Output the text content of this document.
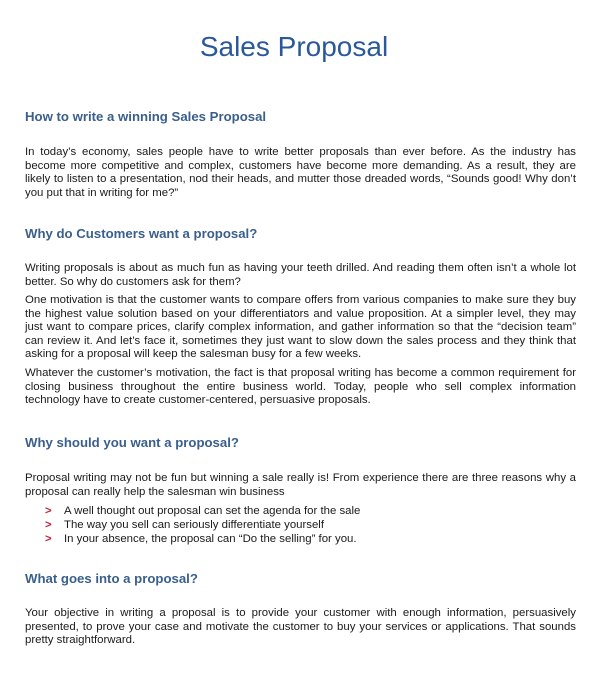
Sales Proposal
How to write a winning Sales Proposal

In today’s economy, sales people have to write better proposals than ever before. As the industry has become more competitive and complex, customers have become more demanding. As a result, they are likely to listen to a presentation, nod their heads, and mutter those dreaded words, “Sounds good! Why don’t you put that in writing for me?”

Why do Customers want a proposal?

Writing proposals is about as much fun as having your teeth drilled. And reading them often isn’t a whole lot better. So why do customers ask for them?

One motivation is that the customer wants to compare offers from various companies to make sure they buy the highest value solution based on your differentiators and value proposition. At a simpler level, they may just want to compare prices, clarify complex information, and gather information so that the “decision team” can review it. And let’s face it, sometimes they just want to slow down the sales process and they think that asking for a proposal will keep the salesman busy for a few weeks.

Whatever the customer’s motivation, the fact is that proposal writing has become a common requirement for closing business throughout the entire business world. Today, people who sell complex information technology have to create customer-centered, persuasive proposals.

Why should you want a proposal?

Proposal writing may not be fun but winning a sale really is! From experience there are three reasons why a proposal can really help the salesman win business

> A well thought out proposal can set the agenda for the sale
> The way you sell can seriously differentiate yourself
> In your absence, the proposal can “Do the selling” for you.
What goes into a proposal?

Your objective in writing a proposal is to provide your customer with enough information, persuasively presented, to prove your case and motivate the customer to buy your services or applications. That sounds pretty straightforward.
